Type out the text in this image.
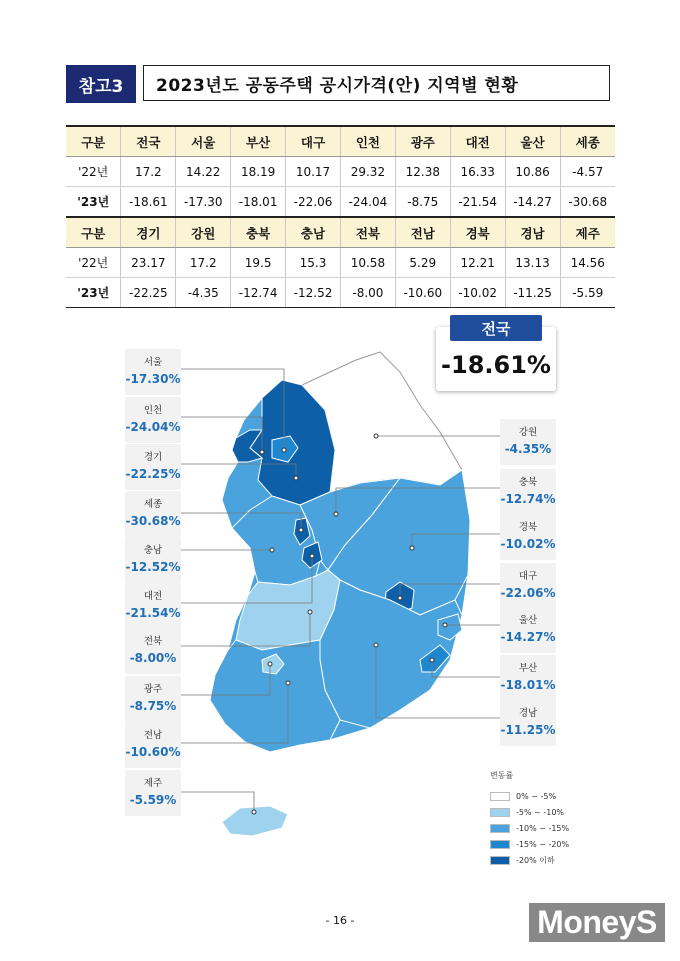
참고3	2023년도 공동주택 공시가격(안) 지역별 현황
구분	전국	서울	부산	대구	인천	광주	대전	울산	세종
'22년	17.2	14.22	18.19	10.17	29.32	12.38	16.33	10.86	-4.57
'23년	-18.61	-17.30	-18.01	-22.06	-24.04	-8.75	-21.54	-14.27	-30.68
구분	경기	강원	충북	충남	전북	전남	경북	경남	제주
'22년	23.17	17.2	19.5	15.3	10.58	5.29	12.21	13.13	14.56
'23년	-22.25	-4.35	-12.74	-12.52	-8.00	-10.60	-10.02	-11.25	-5.59
서울
-17.30%
인천
-24.04%
경기
-22.25%
세종
-30.68%
충남
-12.52%
대전
-21.54%
전북
-8.00%
광주
-8.75%
전남
-10.60%
제주
-5.59%
강원
-4.35%
충북
-12.74%
경북
-10.02%
대구
-22.06%
울산
-14.27%
부산
-18.01%
경남
-11.25%
전국
-18.61%
변동률
0% ~ -5%
-5% ~ -10%
-10% ~ -15%
-15% ~ -20%
-20% 이하
- 16 -	MoneyS
